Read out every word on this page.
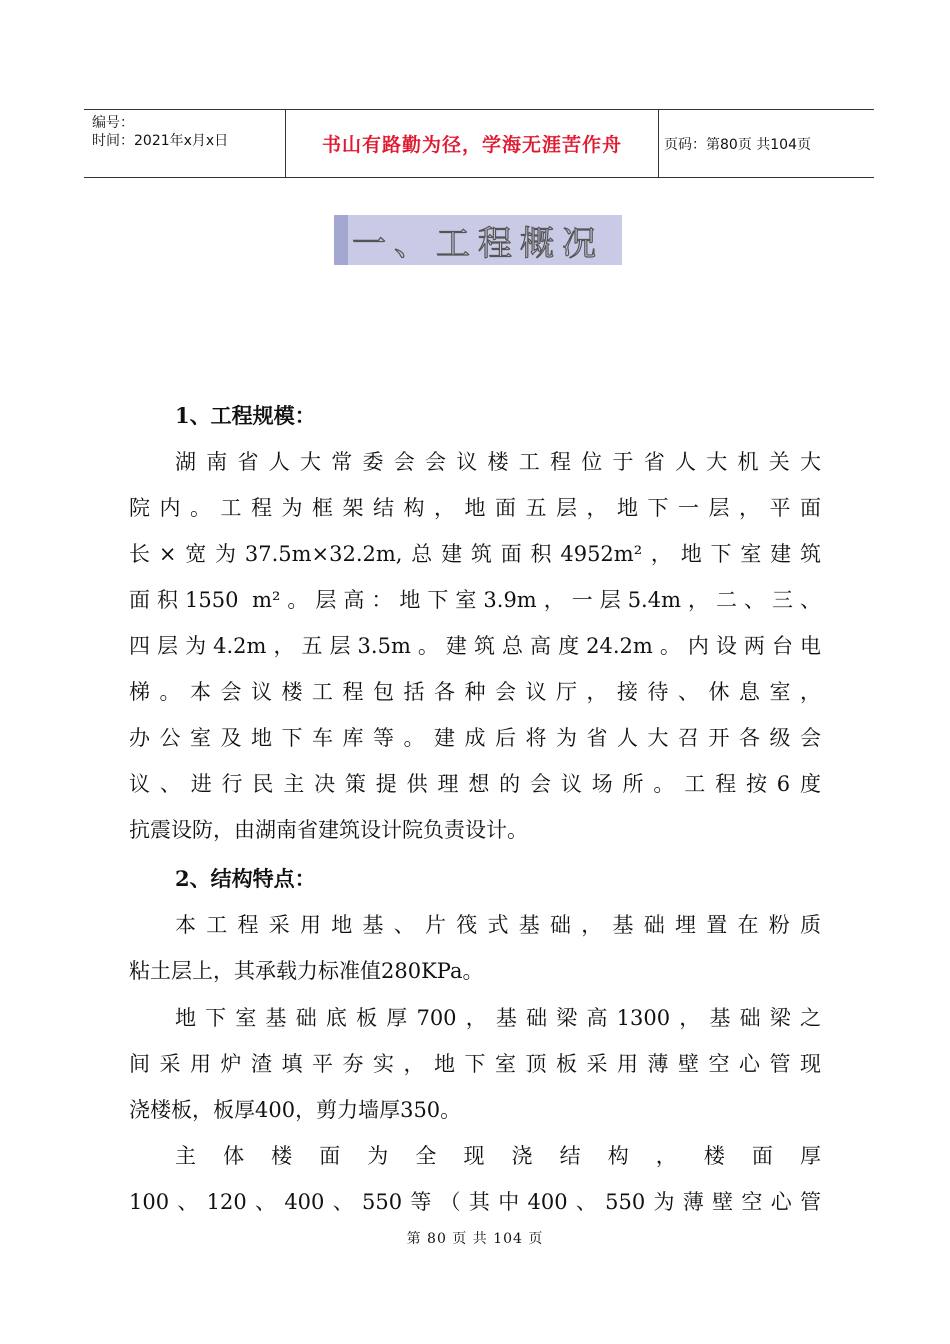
编号：
时间：2021年x月x日	书山有路勤为径，学海无涯苦作舟	页码：第80页 共104页
一、工程概况
1、工程规模：
湖南省人大常委会会议楼工程位于省人大机关大
院内。工程为框架结构，地面五层，地下一层，平面
长×宽为37.5m×32.2m,总建筑面积4952m²，地下室建筑
面积1550 m²。层高：地下室3.9m，一层5.4m，二、三、
四层为4.2m，五层3.5m。建筑总高度24.2m。内设两台电
梯。本会议楼工程包括各种会议厅，接待、休息室，
办公室及地下车库等。建成后将为省人大召开各级会
议、进行民主决策提供理想的会议场所。工程按6度
抗震设防，由湖南省建筑设计院负责设计。
2、结构特点：
本工程采用地基、片筏式基础，基础埋置在粉质
粘土层上，其承载力标准值280KPa。
地下室基础底板厚700，基础梁高1300，基础梁之
间采用炉渣填平夯实，地下室顶板采用薄壁空心管现
浇楼板，板厚400，剪力墙厚350。
主体楼面为全现浇结构，楼面厚
100、120、400、550等（其中400、550为薄壁空心管
第 80 页 共 104 页
